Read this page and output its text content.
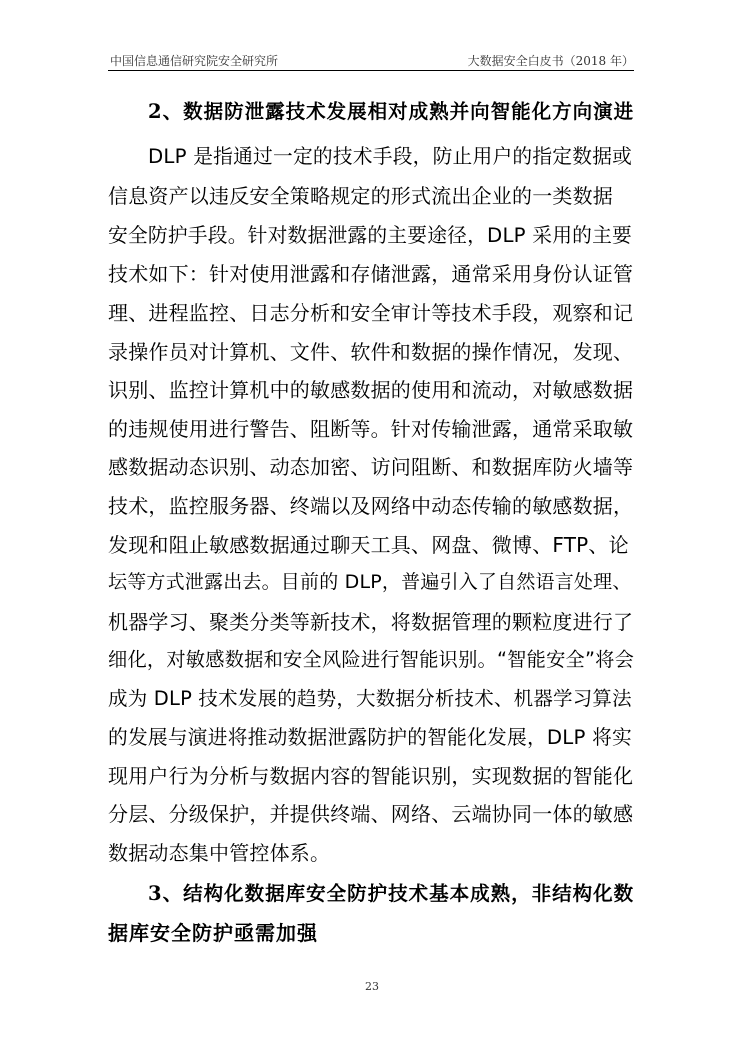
中国信息通信研究院安全研究所	大数据安全白皮书（2018 年）
2、数据防泄露技术发展相对成熟并向智能化方向演进
DLP 是指通过一定的技术手段，防止用户的指定数据或
信息资产以违反安全策略规定的形式流出企业的一类数据
安全防护手段。针对数据泄露的主要途径，DLP 采用的主要
技术如下：针对使用泄露和存储泄露，通常采用身份认证管
理、进程监控、日志分析和安全审计等技术手段，观察和记
录操作员对计算机、文件、软件和数据的操作情况，发现、
识别、监控计算机中的敏感数据的使用和流动，对敏感数据
的违规使用进行警告、阻断等。针对传输泄露，通常采取敏
感数据动态识别、动态加密、访问阻断、和数据库防火墙等
技术，监控服务器、终端以及网络中动态传输的敏感数据，
发现和阻止敏感数据通过聊天工具、网盘、微博、FTP、论
坛等方式泄露出去。目前的 DLP，普遍引入了自然语言处理、
机器学习、聚类分类等新技术，将数据管理的颗粒度进行了
细化，对敏感数据和安全风险进行智能识别。“智能安全”将会
成为 DLP 技术发展的趋势，大数据分析技术、机器学习算法
的发展与演进将推动数据泄露防护的智能化发展，DLP 将实
现用户行为分析与数据内容的智能识别，实现数据的智能化
分层、分级保护，并提供终端、网络、云端协同一体的敏感
数据动态集中管控体系。
3、结构化数据库安全防护技术基本成熟，非结构化数
据库安全防护亟需加强
23
